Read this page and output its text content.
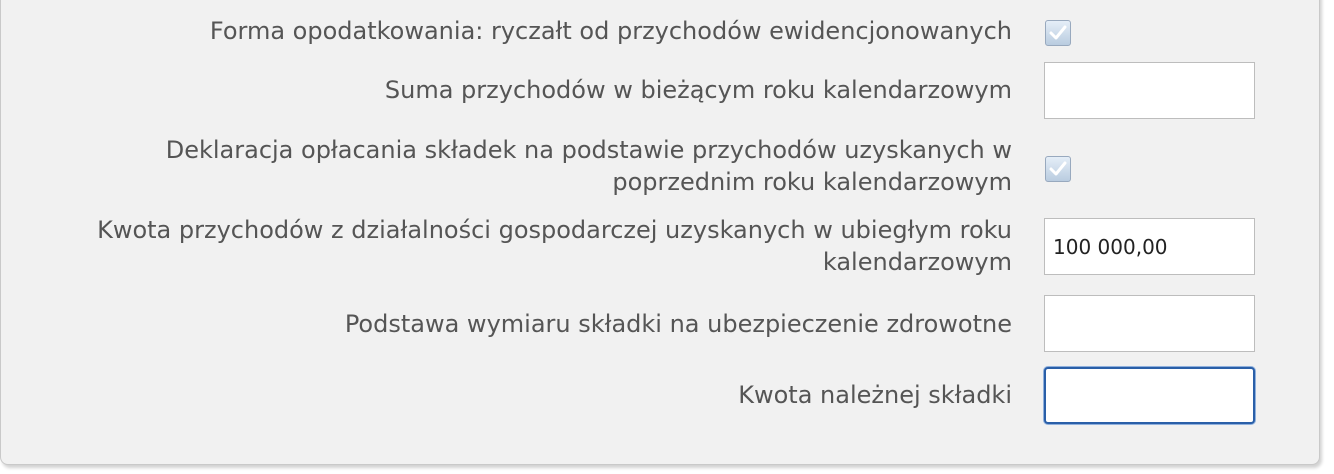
Forma opodatkowania: ryczałt od przychodów ewidencjonowanych
Suma przychodów w bieżącym roku kalendarzowym
Deklaracja opłacania składek na podstawie przychodów uzyskanych w poprzednim roku kalendarzowym
Kwota przychodów z działalności gospodarczej uzyskanych w ubiegłym roku kalendarzowym
100 000,00
Podstawa wymiaru składki na ubezpieczenie zdrowotne
Kwota należnej składki
